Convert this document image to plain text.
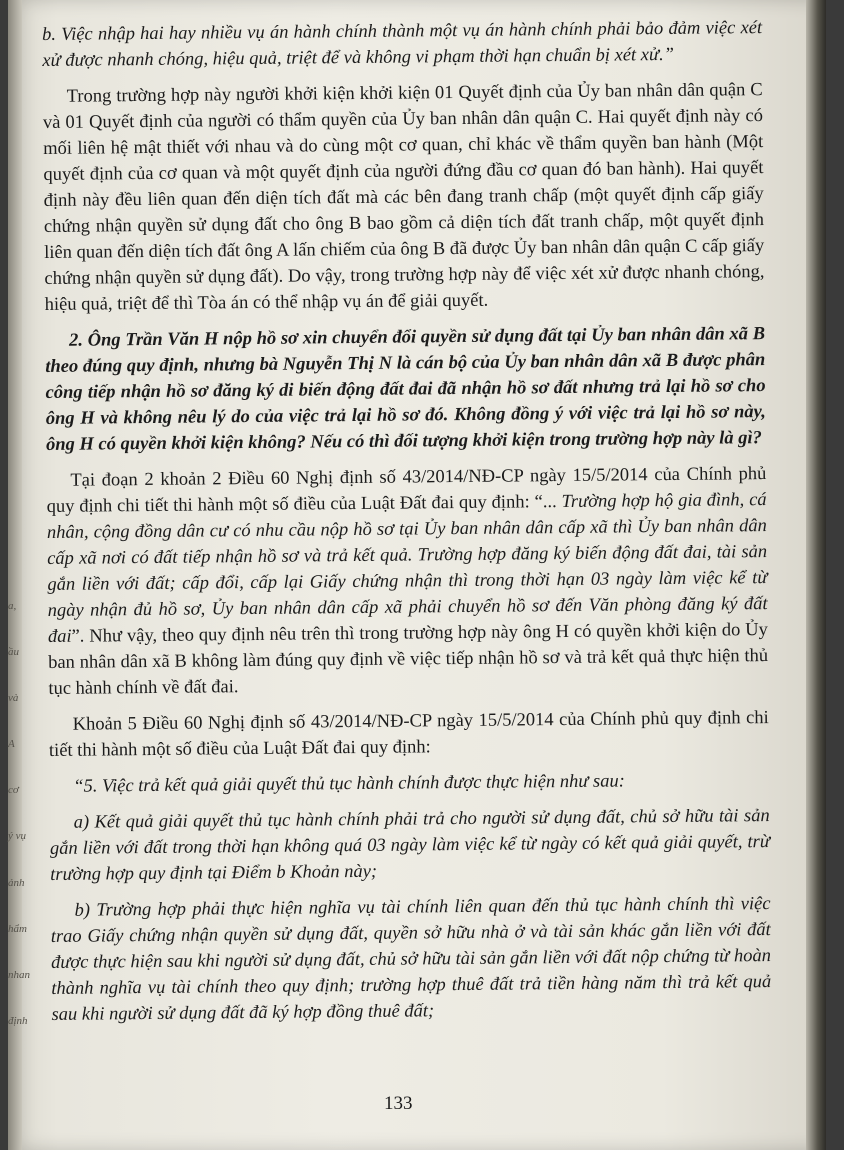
a,
ầu
và
A
cơ
ý vụ
ảnh
hẩm
nhan
định

b. Việc nhập hai hay nhiều vụ án hành chính thành một vụ án hành chính phải bảo đảm việc xét xử được nhanh chóng, hiệu quả, triệt để và không vi phạm thời hạn chuẩn bị xét xử.”

Trong trường hợp này người khởi kiện khởi kiện 01 Quyết định của Ủy ban nhân dân quận C và 01 Quyết định của người có thẩm quyền của Ủy ban nhân dân quận C. Hai quyết định này có mối liên hệ mật thiết với nhau và do cùng một cơ quan, chỉ khác về thẩm quyền ban hành (Một quyết định của cơ quan và một quyết định của người đứng đầu cơ quan đó ban hành). Hai quyết định này đều liên quan đến diện tích đất mà các bên đang tranh chấp (một quyết định cấp giấy chứng nhận quyền sử dụng đất cho ông B bao gồm cả diện tích đất tranh chấp, một quyết định liên quan đến diện tích đất ông A lấn chiếm của ông B đã được Ủy ban nhân dân quận C cấp giấy chứng nhận quyền sử dụng đất). Do vậy, trong trường hợp này để việc xét xử được nhanh chóng, hiệu quả, triệt để thì Tòa án có thể nhập vụ án để giải quyết.

2. Ông Trần Văn H nộp hồ sơ xin chuyển đổi quyền sử dụng đất tại Ủy ban nhân dân xã B theo đúng quy định, nhưng bà Nguyễn Thị N là cán bộ của Ủy ban nhân dân xã B được phân công tiếp nhận hồ sơ đăng ký di biến động đất đai đã nhận hồ sơ đất nhưng trả lại hồ sơ cho ông H và không nêu lý do của việc trả lại hồ sơ đó. Không đồng ý với việc trả lại hồ sơ này, ông H có quyền khởi kiện không? Nếu có thì đối tượng khởi kiện trong trường hợp này là gì?

Tại đoạn 2 khoản 2 Điều 60 Nghị định số 43/2014/NĐ-CP ngày 15/5/2014 của Chính phủ quy định chi tiết thi hành một số điều của Luật Đất đai quy định: “... Trường hợp hộ gia đình, cá nhân, cộng đồng dân cư có nhu cầu nộp hồ sơ tại Ủy ban nhân dân cấp xã thì Ủy ban nhân dân cấp xã nơi có đất tiếp nhận hồ sơ và trả kết quả. Trường hợp đăng ký biến động đất đai, tài sản gắn liền với đất; cấp đổi, cấp lại Giấy chứng nhận thì trong thời hạn 03 ngày làm việc kể từ ngày nhận đủ hồ sơ, Ủy ban nhân dân cấp xã phải chuyển hồ sơ đến Văn phòng đăng ký đất đai”. Như vậy, theo quy định nêu trên thì trong trường hợp này ông H có quyền khởi kiện do Ủy ban nhân dân xã B không làm đúng quy định về việc tiếp nhận hồ sơ và trả kết quả thực hiện thủ tục hành chính về đất đai.

Khoản 5 Điều 60 Nghị định số 43/2014/NĐ-CP ngày 15/5/2014 của Chính phủ quy định chi tiết thi hành một số điều của Luật Đất đai quy định:

“5. Việc trả kết quả giải quyết thủ tục hành chính được thực hiện như sau:

a) Kết quả giải quyết thủ tục hành chính phải trả cho người sử dụng đất, chủ sở hữu tài sản gắn liền với đất trong thời hạn không quá 03 ngày làm việc kể từ ngày có kết quả giải quyết, trừ trường hợp quy định tại Điểm b Khoản này;

b) Trường hợp phải thực hiện nghĩa vụ tài chính liên quan đến thủ tục hành chính thì việc trao Giấy chứng nhận quyền sử dụng đất, quyền sở hữu nhà ở và tài sản khác gắn liền với đất được thực hiện sau khi người sử dụng đất, chủ sở hữu tài sản gắn liền với đất nộp chứng từ hoàn thành nghĩa vụ tài chính theo quy định; trường hợp thuê đất trả tiền hàng năm thì trả kết quả sau khi người sử dụng đất đã ký hợp đồng thuê đất;

133
